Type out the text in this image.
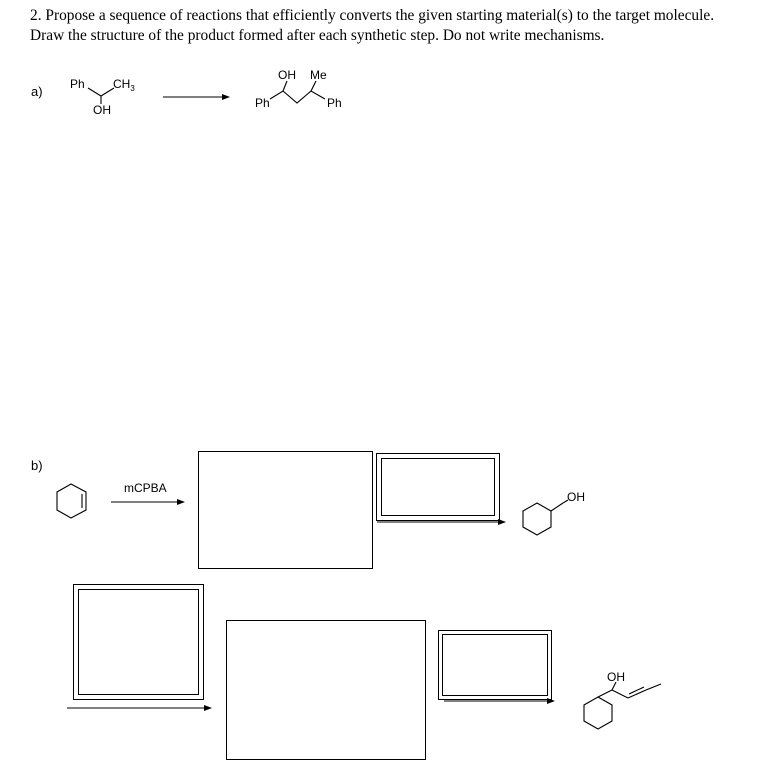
2. Propose a sequence of reactions that efficiently converts the given starting material(s) to the target molecule.
Draw the structure of the product formed after each synthetic step. Do not write mechanisms.
a) Ph $CH_3$
OH
OH Me
Ph	Ph
b)
mCPBA
OH
OH
